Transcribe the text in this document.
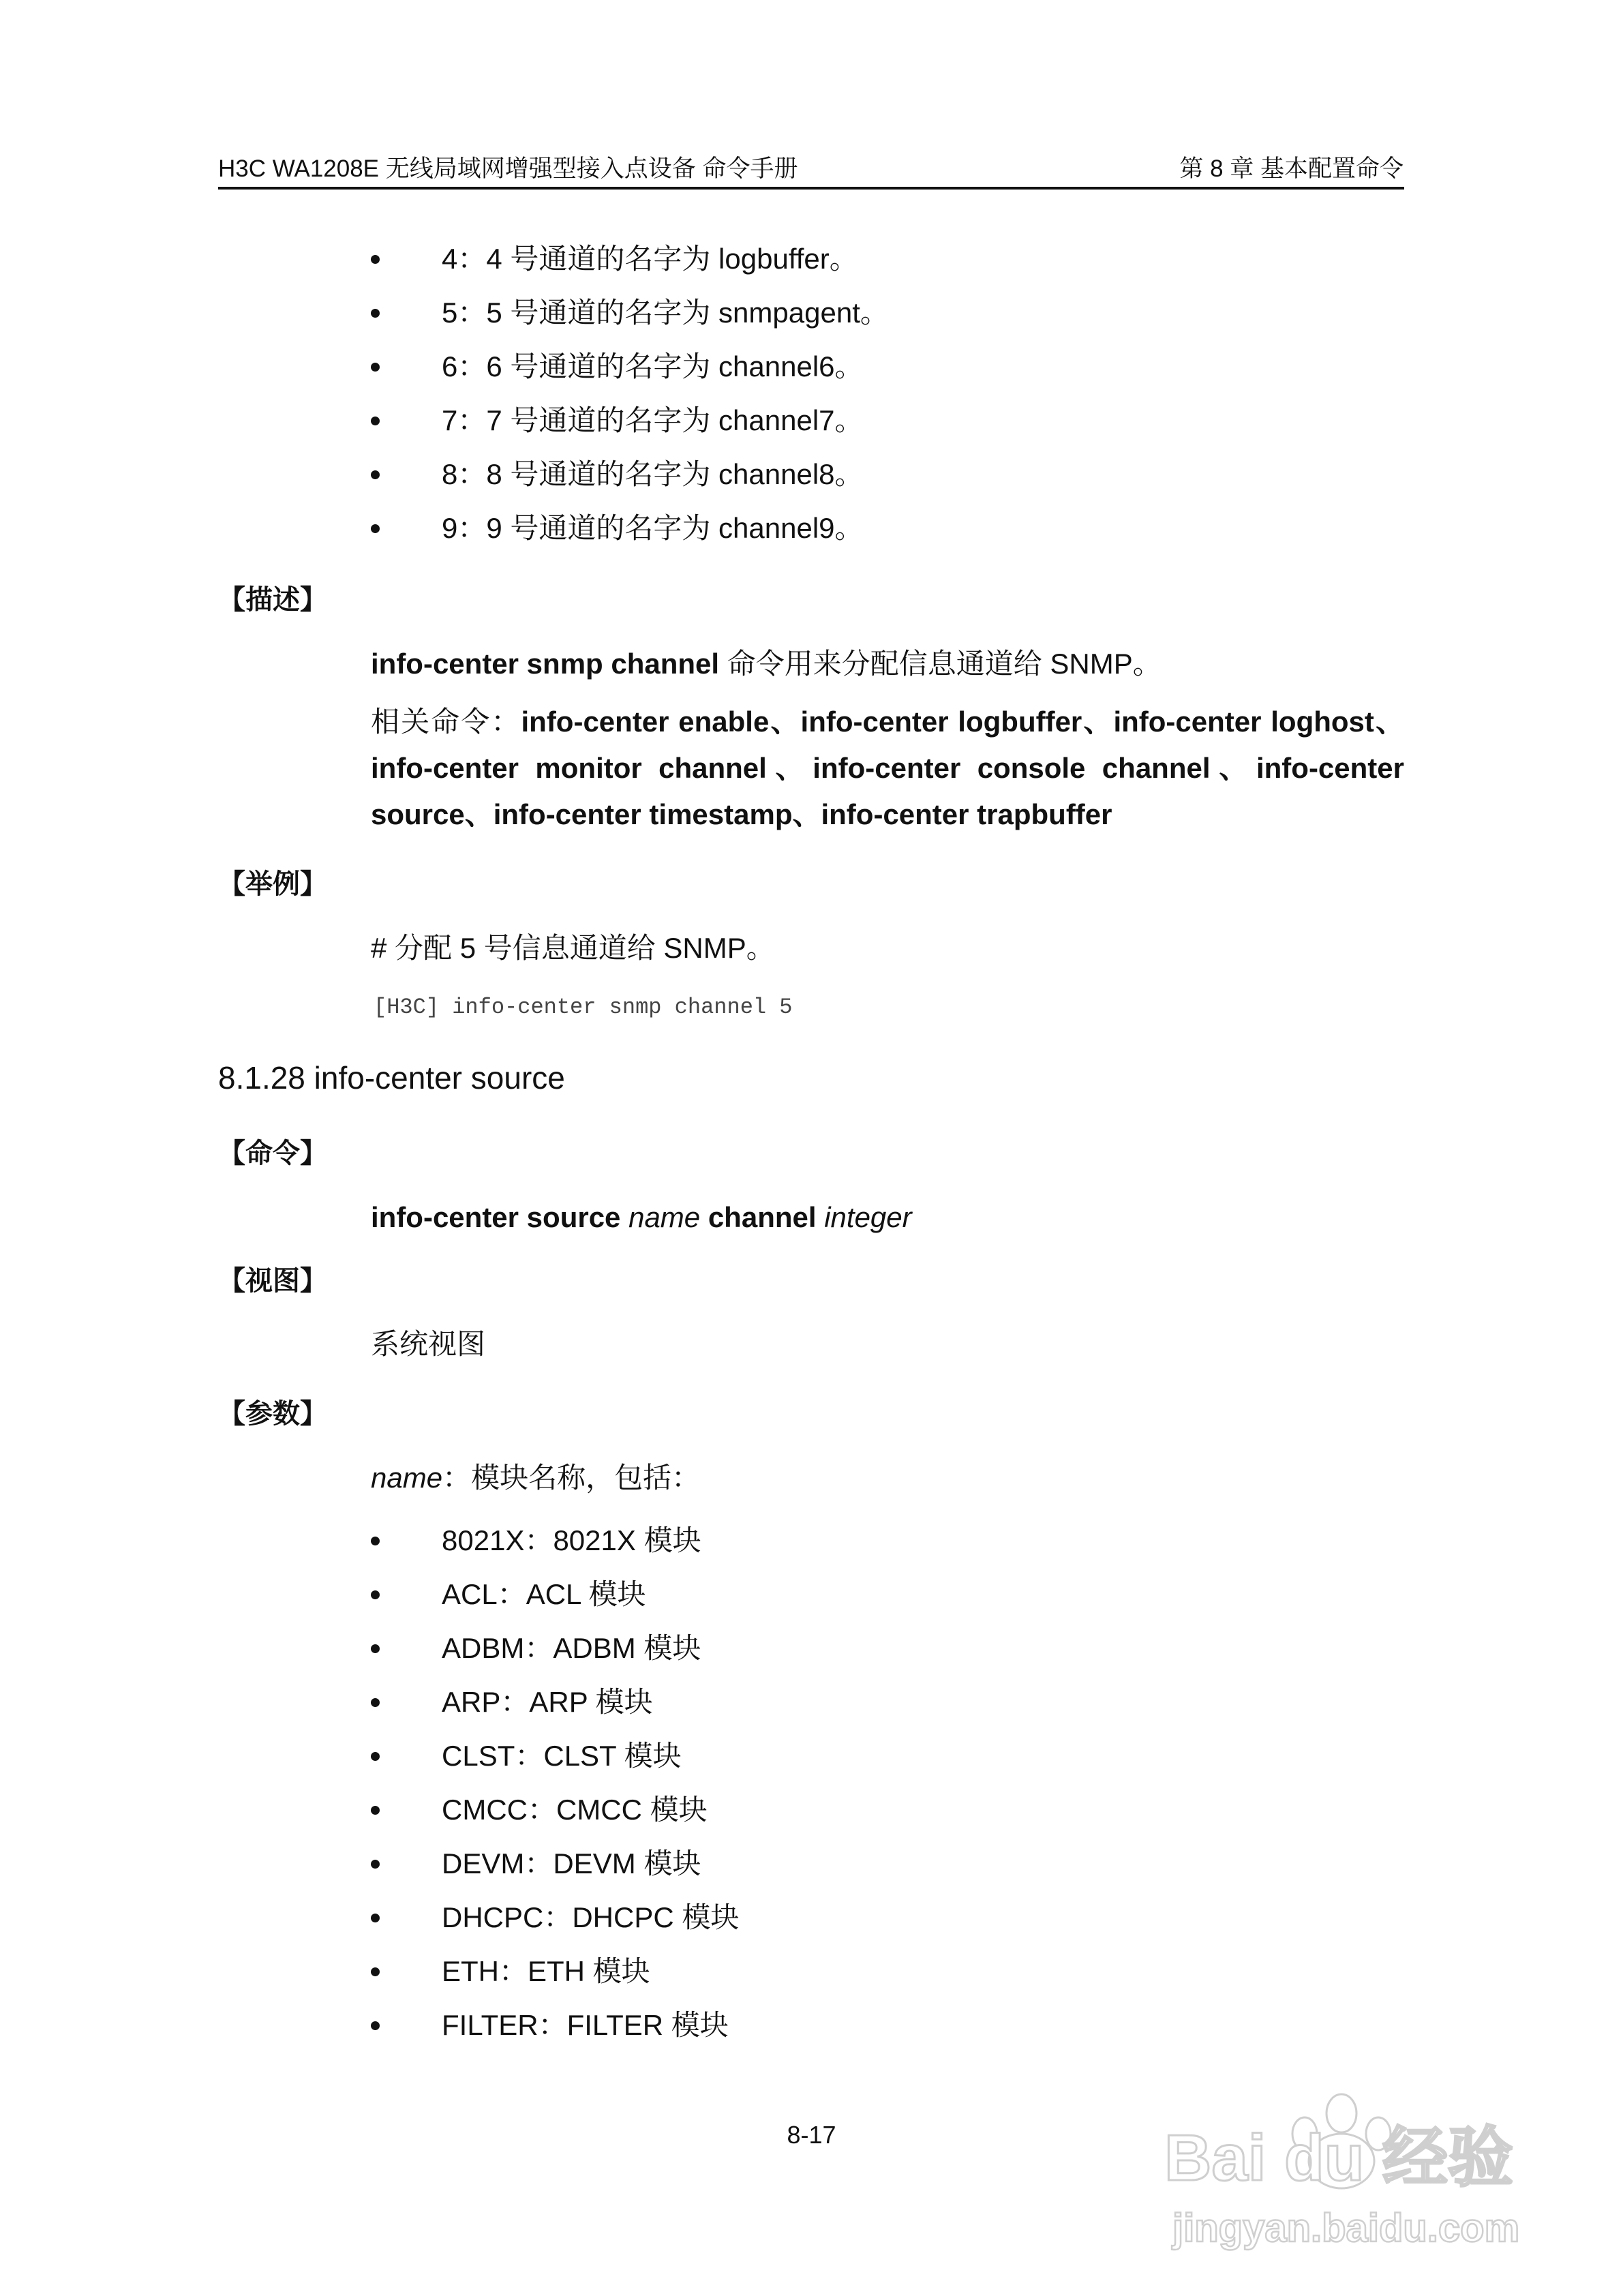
H3C WA1208E 无线局域网增强型接入点设备 命令手册	第 8 章 基本配置命令
4：4 号通道的名字为 logbuffer。
5：5 号通道的名字为 snmpagent。
6：6 号通道的名字为 channel6。
7：7 号通道的名字为 channel7。
8：8 号通道的名字为 channel8。
9：9 号通道的名字为 channel9。
【描述】
info-center snmp channel 命令用来分配信息通道给 SNMP。
相关命令：info-center enable、info-center logbuffer、info-center loghost、info-center monitor channel、info-center console channel、info-center source、info-center timestamp、info-center trapbuffer
【举例】
# 分配 5 号信息通道给 SNMP。
[H3C] info-center snmp channel 5
8.1.28 info-center source
【命令】
info-center source name channel integer
【视图】
系统视图
【参数】
name：模块名称，包括：
8021X：8021X 模块
ACL：ACL 模块
ADBM：ADBM 模块
ARP：ARP 模块
CLST：CLST 模块
CMCC：CMCC 模块
DEVM：DEVM 模块
DHCPC：DHCPC 模块
ETH：ETH 模块
FILTER：FILTER 模块
8-17	Bai du 经验
jingyan.baidu.com
